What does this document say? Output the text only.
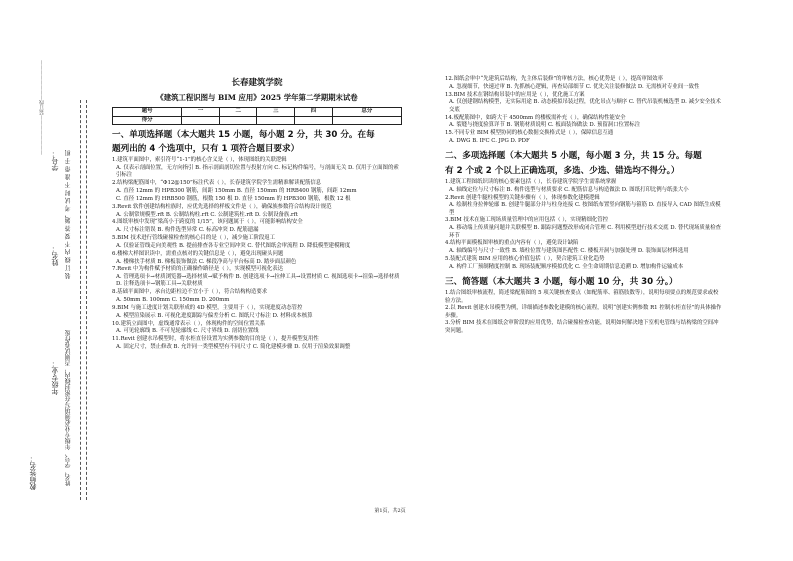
学号：
姓名：
年级专业：
教师签名：
装 订 线 内 不 要 答 题，考 试 时 不 准 带 手 机
姓名、学号、年级专业必须填写在密封线内，否则试卷作废
————————装订线————————	长春建筑学院
《建筑工程识图与 BIM 应用》2025 学年第二学期期末试卷
题号	一	二	三	四	总分
得分					
一、单项选择题（本大题共 15 小题，每小题 2 分，共 30 分。在每
题列出的 4 个选项中，只有 1 项符合题目要求）

1.建筑平面图中，索引符号“1-1”的核心含义是（ ），体现图纸的关联逻辑

A. 仅表示剖面位置，无方向指引 B. 指示剖面剖切位置与投射方向 C. 标记构件编号，与剖面无关 D. 仅用于立面图的索引标注

2.结构梁配筋图中，“Φ12@150”标注代表（ ），长春建筑学院学生需精准解读配筋信息

A. 直径 12mm 的 HPB300 钢筋，间距 150mm B. 直径 150mm 的 HRB400 钢筋，间距 12mm

C. 直径 12mm 的 HRB500 钢筋，根数 150 根 D. 直径 150mm 的 HPB300 钢筋，根数 12 根

3.Revit 软件创建结构柱族时，应优先选择的样板文件是（ ），确保族参数符合结构设计规范

A. 公制常规模型.rft B. 公制结构柱.rft C. 公制建筑柱.rft D. 公制设备族.rft

4.图纸审核中发现“梁高小于跨度的 1/15”，该问题属于（ ），可能影响结构安全

A. 尺寸标注错误 B. 构件选型异常 C. 标高冲突 D. 配筋遗漏

5.BIM 技术进行管线碰撞检查的核心目的是（ ），减少施工阶段返工

A. 仅验证管线走向美观性 B. 提前排查各专业空间冲突 C. 替代图纸会审流程 D. 降低模型建模精度

6.楼梯大样图识读中，需重点核对的关键信息是（ ），避免出现碰头问题

A. 楼梯扶手材质 B. 梯板装饰做法 C. 梯段净高与平台标高 D. 踏步面层颜色

7.Revit 中为构件赋予材质的正确操作路径是（ ），实现模型可视化表达

A. 管理选项卡→材质浏览器→选择材质→赋予构件 B. 创建选项卡→拉伸工具→设置材质 C. 视图选项卡→渲染→选择材质 D. 注释选项卡→钢筋工具→关联材质

8.基础平面图中，承台边距柱边不宜小于（ ），符合结构构造要求

A. 50mm B. 100mm C. 150mm D. 200mm

9.BIM 与施工进度计划关联形成的 4D 模型，主要用于（ ），实现进度动态管控

A. 模型渲染展示 B. 可视化进度跟踪与偏差分析 C. 图纸尺寸标注 D. 材料成本核算

10.建筑立面图中，虚线通常表示（ ），体现构件的空间位置关系

A. 可见轮廓线 B. 不可见轮廓线 C. 尺寸界线 D. 剖切位置线

11.Revit 创建水吊模型时，将水柜直径设置为实例参数的目的是（ ），提升模型复用性

A. 固定尺寸，禁止修改 B. 允许同一类型模型有不同尺寸 C. 简化建模步骤 D. 仅用于渲染效果调整

12.图纸会审中“先建筑后结构，先主体后装修”的审核方法，核心优势是（ ），提高审图效率

A. 忽视细节，快速过审 B. 先抓核心逻辑，再查局部细节 C. 优先关注装修做法 D. 无需核对专业间一致性

13.BIM 技术在钢结构吊装中的应用是（ ），优化施工方案

A. 仅创建钢结构模型，无实际用途 B. 动态模拟吊装过程，优化吊点与顺序 C. 替代吊装机械选型 D. 减少安全技术交底

14.板配筋图中，如跨大于 4500mm 的楼板需补充（ ），确保结构性能安全

A. 裂缝与挠度验算详节 B. 钢筋材质说明 C. 板面装饰做法 D. 预留洞口位置标注

15.不同专业 BIM 模型协同的核心数据交换格式是（ ），保障信息互通

A. DWG B. IFC C. JPG D. PDF

二、多项选择题（本大题共 5 小题，每小题 3 分，共 15 分。每题
有 2 个或 2 个以上正确选项，多选、少选、错选均不得分。）

1.建筑工程图纸识读的核心要素包括（ ），长春建筑学院学生需系统掌握

A. 轴线定位与尺寸标注 B. 构件选型与材质要求 C. 配筋信息与构造做法 D. 图纸打印比例与纸张大小

2.Revit 创建牛腿柱模型的关键步骤有（ ），体现参数化建模逻辑

A. 绘制柱身拉伸轮廓 B. 创建牛腿部分并与柱身连接 C. 按图纸布置竖向钢筋与箍筋 D. 直接导入 CAD 图纸生成模型

3.BIM 技术在施工现场质量管理中的应用包括（ ），实现精细化管控

A. 移动端上传质量问题并关联模型 B. 跟踪问题整改形成闭合管理 C. 利用模型进行技术交底 D. 替代现场质量检查环节

4.结构平面模板图审核的重点内容有（ ），避免设计缺陷

A. 轴线编号与尺寸一致性 B. 墙柱位置与建筑图匹配性 C. 楼板开洞与加强处理 D. 装饰面层材料选用

5.装配式建筑 BIM 应用的核心价值包括（ ），契合建筑工业化趋势

A. 构件工厂预制精度控制 B. 现场装配顺序模拟优化 C. 全生命周期信息追溯 D. 增加构件运输成本

三、简答题（本大题共 3 小题，每小题 10 分，共 30 分。）

1.结合图纸审核流程，简述梁配筋图的 5 项关键核查要点（如配筋率、箍筋肢数等），说明每项要点的规范要求或校验方法。

2.以 Revit 创建水吊模型为例，详细描述参数化建模的核心流程，说明“创建实例参数 R1 控制水柜直径”的具体操作步骤。

3.分析 BIM 技术在图纸会审阶段的应用优势，结合碰撞检查功能，说明如何解决地下室机电管线与结构梁的空间冲突问题。

第1页，共2页
